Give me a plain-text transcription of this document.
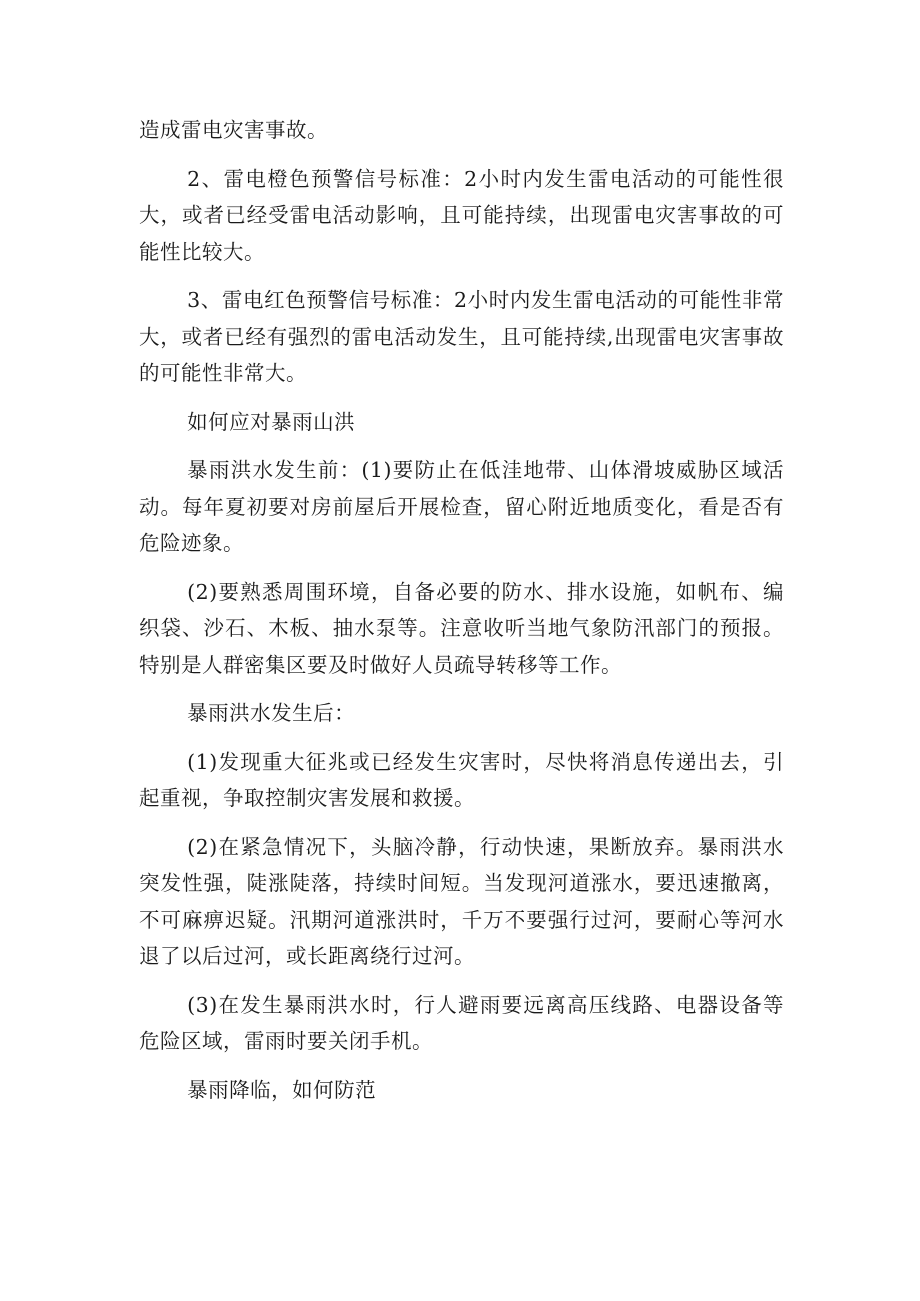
造成雷电灾害事故。

2、雷电橙色预警信号标准：2小时内发生雷电活动的可能性很大，或者已经受雷电活动影响，且可能持续，出现雷电灾害事故的可能性比较大。

3、雷电红色预警信号标准：2小时内发生雷电活动的可能性非常大，或者已经有强烈的雷电活动发生，且可能持续,出现雷电灾害事故的可能性非常大。

如何应对暴雨山洪

暴雨洪水发生前：(1)要防止在低洼地带、山体滑坡威胁区域活动。每年夏初要对房前屋后开展检查，留心附近地质变化，看是否有危险迹象。

(2)要熟悉周围环境，自备必要的防水、排水设施，如帆布、编织袋、沙石、木板、抽水泵等。注意收听当地气象防汛部门的预报。特别是人群密集区要及时做好人员疏导转移等工作。

暴雨洪水发生后：

(1)发现重大征兆或已经发生灾害时，尽快将消息传递出去，引起重视，争取控制灾害发展和救援。

(2)在紧急情况下，头脑冷静，行动快速，果断放弃。暴雨洪水突发性强，陡涨陡落，持续时间短。当发现河道涨水，要迅速撤离，不可麻痹迟疑。汛期河道涨洪时，千万不要强行过河，要耐心等河水退了以后过河，或长距离绕行过河。

(3)在发生暴雨洪水时，行人避雨要远离高压线路、电器设备等危险区域，雷雨时要关闭手机。

暴雨降临，如何防范
